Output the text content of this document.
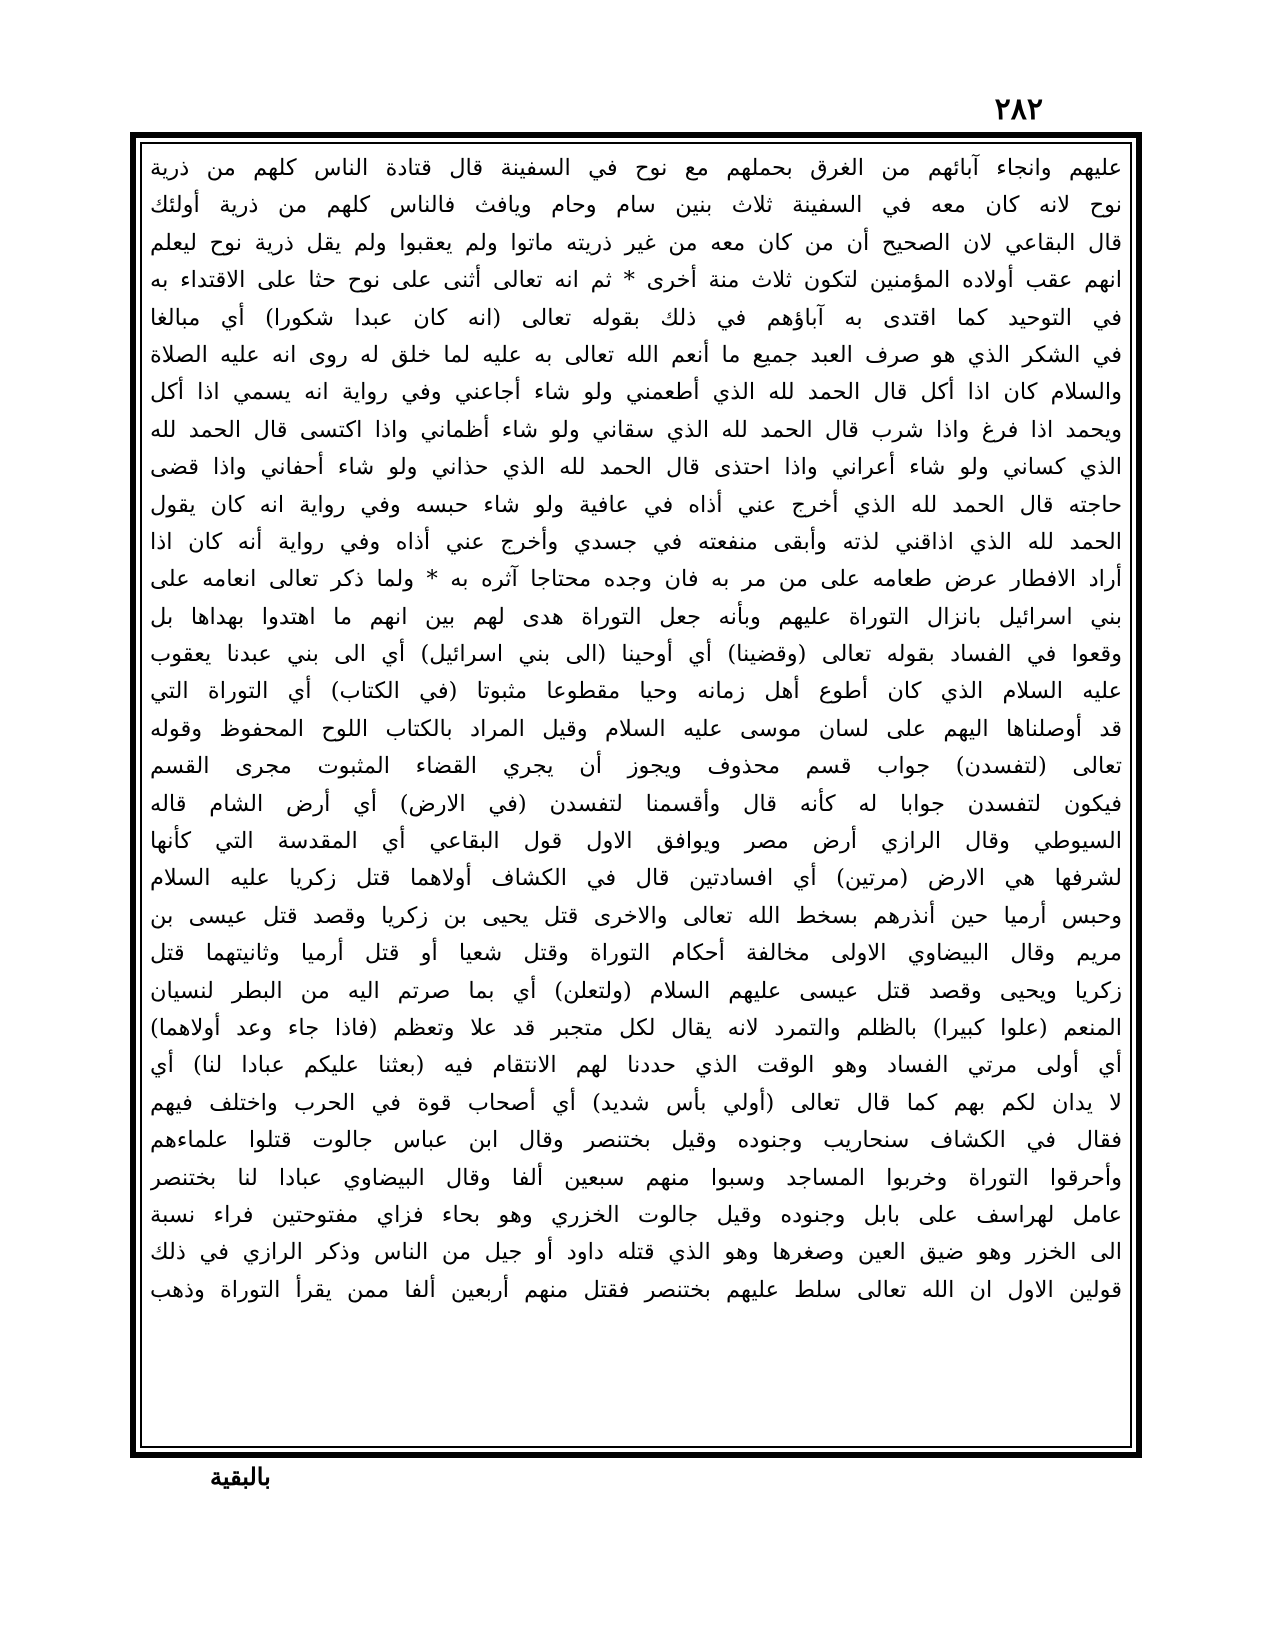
٢٨٢
عليهم وانجاء آبائهم من الغرق بحملهم مع نوح في السفينة قال قتادة الناس كلهم من ذرية
نوح لانه كان معه في السفينة ثلاث بنين سام وحام ويافث فالناس كلهم من ذرية أولئك
قال البقاعي لان الصحيح أن من كان معه من غير ذريته ماتوا ولم يعقبوا ولم يقل ذرية نوح ليعلم
انهم عقب أولاده المؤمنين لتكون ثلاث منة أخرى * ثم انه تعالى أثنى على نوح حثا على الاقتداء به
في التوحيد كما اقتدى به آباؤهم في ذلك بقوله تعالى (انه كان عبدا شكورا) أي مبالغا
في الشكر الذي هو صرف العبد جميع ما أنعم الله تعالى به عليه لما خلق له روى انه عليه الصلاة
والسلام كان اذا أكل قال الحمد لله الذي أطعمني ولو شاء أجاعني وفي رواية انه يسمي اذا أكل
ويحمد اذا فرغ واذا شرب قال الحمد لله الذي سقاني ولو شاء أظماني واذا اكتسى قال الحمد لله
الذي كساني ولو شاء أعراني واذا احتذى قال الحمد لله الذي حذاني ولو شاء أحفاني واذا قضى
حاجته قال الحمد لله الذي أخرج عني أذاه في عافية ولو شاء حبسه وفي رواية انه كان يقول
الحمد لله الذي اذاقني لذته وأبقى منفعته في جسدي وأخرج عني أذاه وفي رواية أنه كان اذا
أراد الافطار عرض طعامه على من مر به فان وجده محتاجا آثره به * ولما ذكر تعالى انعامه على
بني اسرائيل بانزال التوراة عليهم وبأنه جعل التوراة هدى لهم بين انهم ما اهتدوا بهداها بل
وقعوا في الفساد بقوله تعالى (وقضينا) أي أوحينا (الى بني اسرائيل) أي الى بني عبدنا يعقوب
عليه السلام الذي كان أطوع أهل زمانه وحيا مقطوعا مثبوتا (في الكتاب) أي التوراة التي
قد أوصلناها اليهم على لسان موسى عليه السلام وقيل المراد بالكتاب اللوح المحفوظ وقوله
تعالى (لتفسدن) جواب قسم محذوف ويجوز أن يجري القضاء المثبوت مجرى القسم
فيكون لتفسدن جوابا له كأنه قال وأقسمنا لتفسدن (في الارض) أي أرض الشام قاله
السيوطي وقال الرازي أرض مصر ويوافق الاول قول البقاعي أي المقدسة التي كأنها
لشرفها هي الارض (مرتين) أي افسادتين قال في الكشاف أولاهما قتل زكريا عليه السلام
وحبس أرميا حين أنذرهم بسخط الله تعالى والاخرى قتل يحيى بن زكريا وقصد قتل عيسى بن
مريم وقال البيضاوي الاولى مخالفة أحكام التوراة وقتل شعيا أو قتل أرميا وثانيتهما قتل
زكريا ويحيى وقصد قتل عيسى عليهم السلام (ولتعلن) أي بما صرتم اليه من البطر لنسيان
المنعم (علوا كبيرا) بالظلم والتمرد لانه يقال لكل متجبر قد علا وتعظم (فاذا جاء وعد أولاهما)
أي أولى مرتي الفساد وهو الوقت الذي حددنا لهم الانتقام فيه (بعثنا عليكم عبادا لنا) أي
لا يدان لكم بهم كما قال تعالى (أولي بأس شديد) أي أصحاب قوة في الحرب واختلف فيهم
فقال في الكشاف سنحاريب وجنوده وقيل بختنصر وقال ابن عباس جالوت قتلوا علماءهم
وأحرقوا التوراة وخربوا المساجد وسبوا منهم سبعين ألفا وقال البيضاوي عبادا لنا بختنصر
عامل لهراسف على بابل وجنوده وقيل جالوت الخزري وهو بحاء فزاي مفتوحتين فراء نسبة
الى الخزر وهو ضيق العين وصغرها وهو الذي قتله داود أو جيل من الناس وذكر الرازي في ذلك
قولين الاول ان الله تعالى سلط عليهم بختنصر فقتل منهم أربعين ألفا ممن يقرأ التوراة وذهب
بالبقية
